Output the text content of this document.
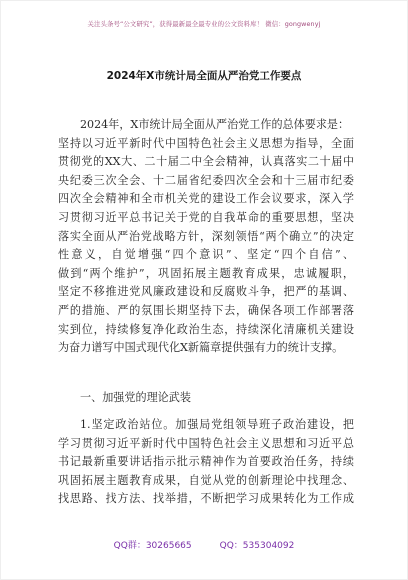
关注头条号“公文研究”，获得最新最全最专业的公文资料库！ 微信：gongwenyj
2024年X市统计局全面从严治党工作要点
2024年，X市统计局全面从严治党工作的总体要求是：
坚持以习近平新时代中国特色社会主义思想为指导，全面
贯彻党的XX大、二十届二中全会精神，认真落实二十届中
央纪委三次全会、十二届省纪委四次全会和十三届市纪委
四次全会精神和全市机关党的建设工作会议要求，深入学
习贯彻习近平总书记关于党的自我革命的重要思想，坚决
落实全面从严治党战略方针，深刻领悟“两个确立”的决定
性意义，自觉增强“四个意识”、坚定“四个自信”、
做到“两个维护”，巩固拓展主题教育成果，忠诚履职，
坚定不移推进党风廉政建设和反腐败斗争，把严的基调、
严的措施、严的氛围长期坚持下去，确保各项工作部署落
实到位，持续修复净化政治生态，持续深化清廉机关建设
为奋力谱写中国式现代化X新篇章提供强有力的统计支撑。
一、加强党的理论武装
1.坚定政治站位。加强局党组领导班子政治建设，把
学习贯彻习近平新时代中国特色社会主义思想和习近平总
书记最新重要讲话指示批示精神作为首要政治任务，持续
巩固拓展主题教育成果，自觉从党的创新理论中找理念、
找思路、找方法、找举措，不断把学习成果转化为工作成
QQ群：30265665	QQ：535304092
